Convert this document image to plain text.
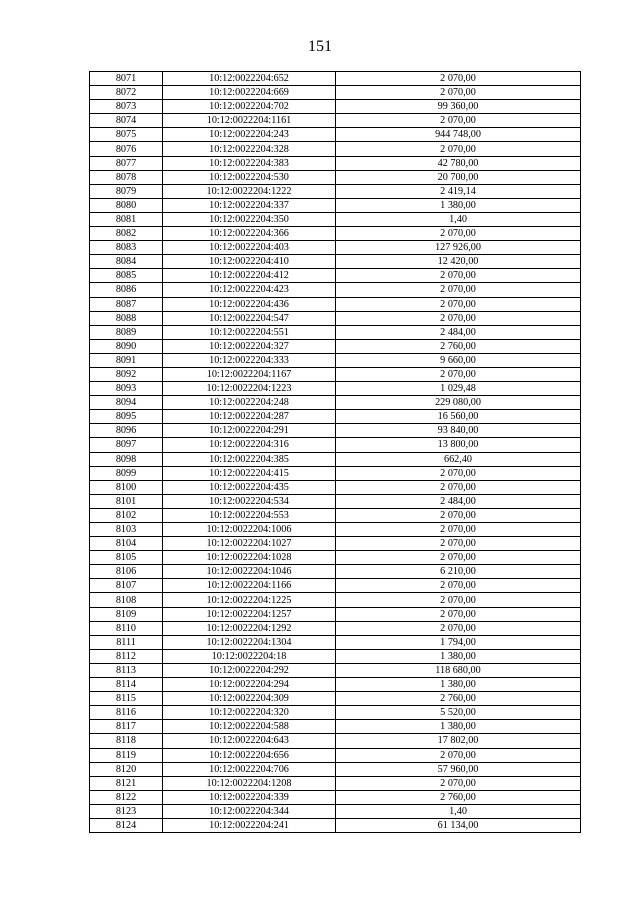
151
8071	10:12:0022204:652	2 070,00
8072	10:12:0022204:669	2 070,00
8073	10:12:0022204:702	99 360,00
8074	10:12:0022204:1161	2 070,00
8075	10:12:0022204:243	944 748,00
8076	10:12:0022204:328	2 070,00
8077	10:12:0022204:383	42 780,00
8078	10:12:0022204:530	20 700,00
8079	10:12:0022204:1222	2 419,14
8080	10:12:0022204:337	1 380,00
8081	10:12:0022204:350	1,40
8082	10:12:0022204:366	2 070,00
8083	10:12:0022204:403	127 926,00
8084	10:12:0022204:410	12 420,00
8085	10:12:0022204:412	2 070,00
8086	10:12:0022204:423	2 070,00
8087	10:12:0022204:436	2 070,00
8088	10:12:0022204:547	2 070,00
8089	10:12:0022204:551	2 484,00
8090	10:12:0022204:327	2 760,00
8091	10:12:0022204:333	9 660,00
8092	10:12:0022204:1167	2 070,00
8093	10:12:0022204:1223	1 029,48
8094	10:12:0022204:248	229 080,00
8095	10:12:0022204:287	16 560,00
8096	10:12:0022204:291	93 840,00
8097	10:12:0022204:316	13 800,00
8098	10:12:0022204:385	662,40
8099	10:12:0022204:415	2 070,00
8100	10:12:0022204:435	2 070,00
8101	10:12:0022204:534	2 484,00
8102	10:12:0022204:553	2 070,00
8103	10:12:0022204:1006	2 070,00
8104	10:12:0022204:1027	2 070,00
8105	10:12:0022204:1028	2 070,00
8106	10:12:0022204:1046	6 210,00
8107	10:12:0022204:1166	2 070,00
8108	10:12:0022204:1225	2 070,00
8109	10:12:0022204:1257	2 070,00
8110	10:12:0022204:1292	2 070,00
8111	10:12:0022204:1304	1 794,00
8112	10:12:0022204:18	1 380,00
8113	10:12:0022204:292	118 680,00
8114	10:12:0022204:294	1 380,00
8115	10:12:0022204:309	2 760,00
8116	10:12:0022204:320	5 520,00
8117	10:12:0022204:588	1 380,00
8118	10:12:0022204:643	17 802,00
8119	10:12:0022204:656	2 070,00
8120	10:12:0022204:706	57 960,00
8121	10:12:0022204:1208	2 070,00
8122	10:12:0022204:339	2 760,00
8123	10:12:0022204:344	1,40
8124	10:12:0022204:241	61 134,00
